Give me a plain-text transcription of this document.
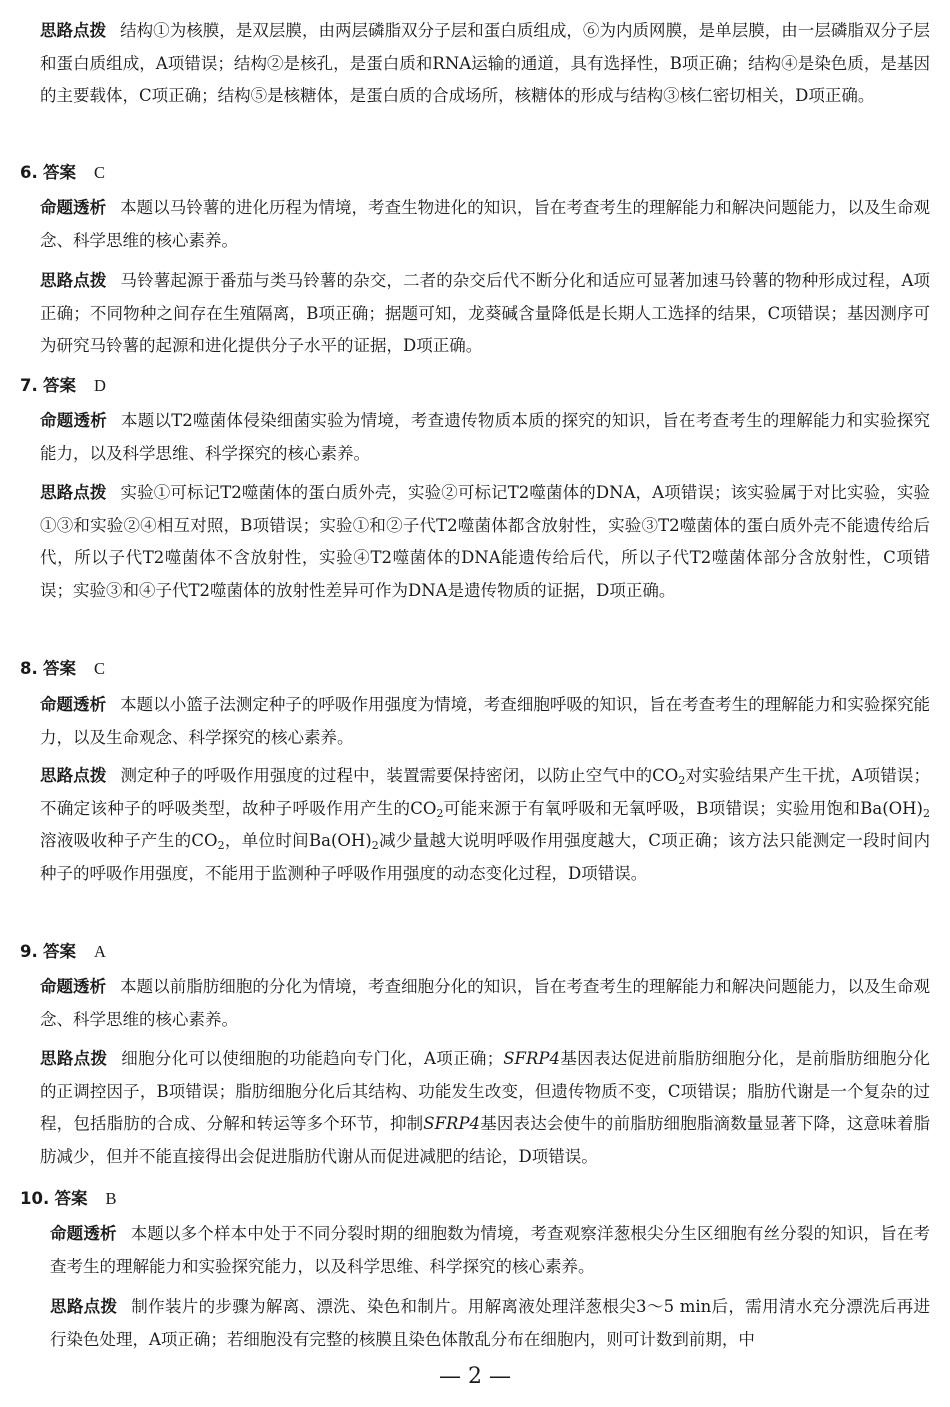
思路点拨 结构①为核膜，是双层膜，由两层磷脂双分子层和蛋白质组成，⑥为内质网膜，是单层膜，由一层磷脂双分子层和蛋白质组成，A项错误；结构②是核孔，是蛋白质和RNA运输的通道，具有选择性，B项正确；结构④是染色质，是基因的主要载体，C项正确；结构⑤是核糖体，是蛋白质的合成场所，核糖体的形成与结构③核仁密切相关，D项正确。
6. 答案 C
命题透析 本题以马铃薯的进化历程为情境，考查生物进化的知识，旨在考查考生的理解能力和解决问题能力，以及生命观念、科学思维的核心素养。
思路点拨 马铃薯起源于番茄与类马铃薯的杂交，二者的杂交后代不断分化和适应可显著加速马铃薯的物种形成过程，A项正确；不同物种之间存在生殖隔离，B项正确；据题可知，龙葵碱含量降低是长期人工选择的结果，C项错误；基因测序可为研究马铃薯的起源和进化提供分子水平的证据，D项正确。
7. 答案 D
命题透析 本题以T2噬菌体侵染细菌实验为情境，考查遗传物质本质的探究的知识，旨在考查考生的理解能力和实验探究能力，以及科学思维、科学探究的核心素养。
思路点拨 实验①可标记T2噬菌体的蛋白质外壳，实验②可标记T2噬菌体的DNA，A项错误；该实验属于对比实验，实验①③和实验②④相互对照，B项错误；实验①和②子代T2噬菌体都含放射性，实验③T2噬菌体的蛋白质外壳不能遗传给后代，所以子代T2噬菌体不含放射性，实验④T2噬菌体的DNA能遗传给后代，所以子代T2噬菌体部分含放射性，C项错误；实验③和④子代T2噬菌体的放射性差异可作为DNA是遗传物质的证据，D项正确。
8. 答案 C
命题透析 本题以小篮子法测定种子的呼吸作用强度为情境，考查细胞呼吸的知识，旨在考查考生的理解能力和实验探究能力，以及生命观念、科学探究的核心素养。
思路点拨 测定种子的呼吸作用强度的过程中，装置需要保持密闭，以防止空气中的$CO_2$对实验结果产生干扰，A项错误；不确定该种子的呼吸类型，故种子呼吸作用产生的$CO_2$可能来源于有氧呼吸和无氧呼吸，B项错误；实验用饱和$Ba(OH)_2$溶液吸收种子产生的$CO_2$，单位时间$Ba(OH)_2$减少量越大说明呼吸作用强度越大，C项正确；该方法只能测定一段时间内种子的呼吸作用强度，不能用于监测种子呼吸作用强度的动态变化过程，D项错误。
9. 答案 A
命题透析 本题以前脂肪细胞的分化为情境，考查细胞分化的知识，旨在考查考生的理解能力和解决问题能力，以及生命观念、科学思维的核心素养。
思路点拨 细胞分化可以使细胞的功能趋向专门化，A项正确；SFRP4基因表达促进前脂肪细胞分化，是前脂肪细胞分化的正调控因子，B项错误；脂肪细胞分化后其结构、功能发生改变，但遗传物质不变，C项错误；脂肪代谢是一个复杂的过程，包括脂肪的合成、分解和转运等多个环节，抑制SFRP4基因表达会使牛的前脂肪细胞脂滴数量显著下降，这意味着脂肪减少，但并不能直接得出会促进脂肪代谢从而促进减肥的结论，D项错误。
10. 答案 B
命题透析 本题以多个样本中处于不同分裂时期的细胞数为情境，考查观察洋葱根尖分生区细胞有丝分裂的知识，旨在考查考生的理解能力和实验探究能力，以及科学思维、科学探究的核心素养。
思路点拨 制作装片的步骤为解离、漂洗、染色和制片。用解离液处理洋葱根尖3～5 min后，需用清水充分漂洗后再进行染色处理，A项正确；若细胞没有完整的核膜且染色体散乱分布在细胞内，则可计数到前期，中
— 2 —
